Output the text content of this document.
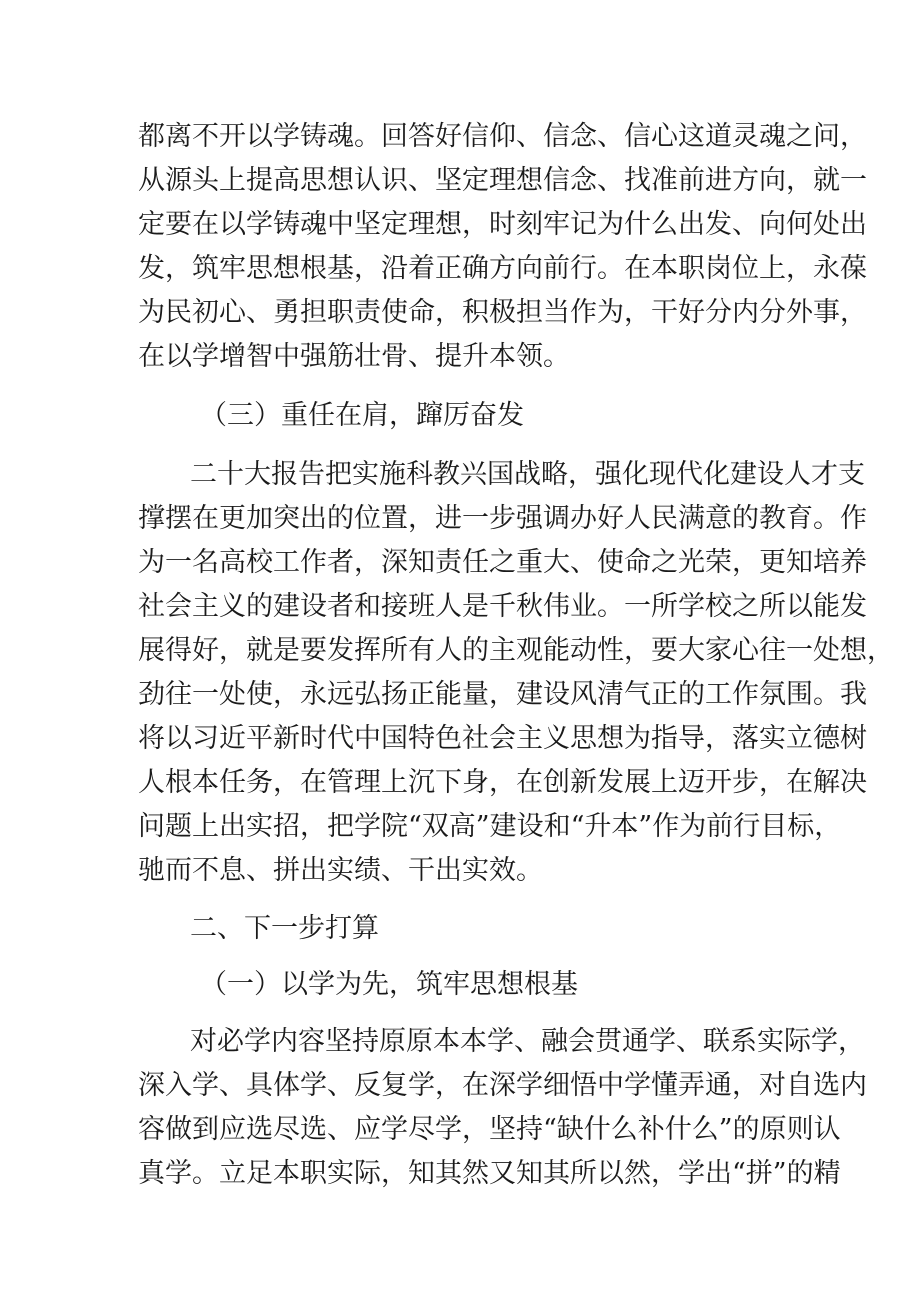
都离不开以学铸魂。回答好信仰、信念、信心这道灵魂之问，
从源头上提高思想认识、坚定理想信念、找准前进方向，就一
定要在以学铸魂中坚定理想，时刻牢记为什么出发、向何处出
发，筑牢思想根基，沿着正确方向前行。在本职岗位上，永葆
为民初心、勇担职责使命，积极担当作为，干好分内分外事，
在以学增智中强筋壮骨、提升本领。
（三）重任在肩，蹿厉奋发
二十大报告把实施科教兴国战略，强化现代化建设人才支
撑摆在更加突出的位置，进一步强调办好人民满意的教育。作
为一名高校工作者，深知责任之重大、使命之光荣，更知培养
社会主义的建设者和接班人是千秋伟业。一所学校之所以能发
展得好，就是要发挥所有人的主观能动性，要大家心往一处想，
劲往一处使，永远弘扬正能量，建设风清气正的工作氛围。我
将以习近平新时代中国特色社会主义思想为指导，落实立德树
人根本任务，在管理上沉下身，在创新发展上迈开步，在解决
问题上出实招，把学院“双高”建设和“升本”作为前行目标，
驰而不息、拼出实绩、干出实效。
二、下一步打算
（一）以学为先，筑牢思想根基
对必学内容坚持原原本本学、融会贯通学、联系实际学，
深入学、具体学、反复学，在深学细悟中学懂弄通，对自选内
容做到应选尽选、应学尽学，坚持“缺什么补什么”的原则认
真学。立足本职实际，知其然又知其所以然，学出“拼”的精
